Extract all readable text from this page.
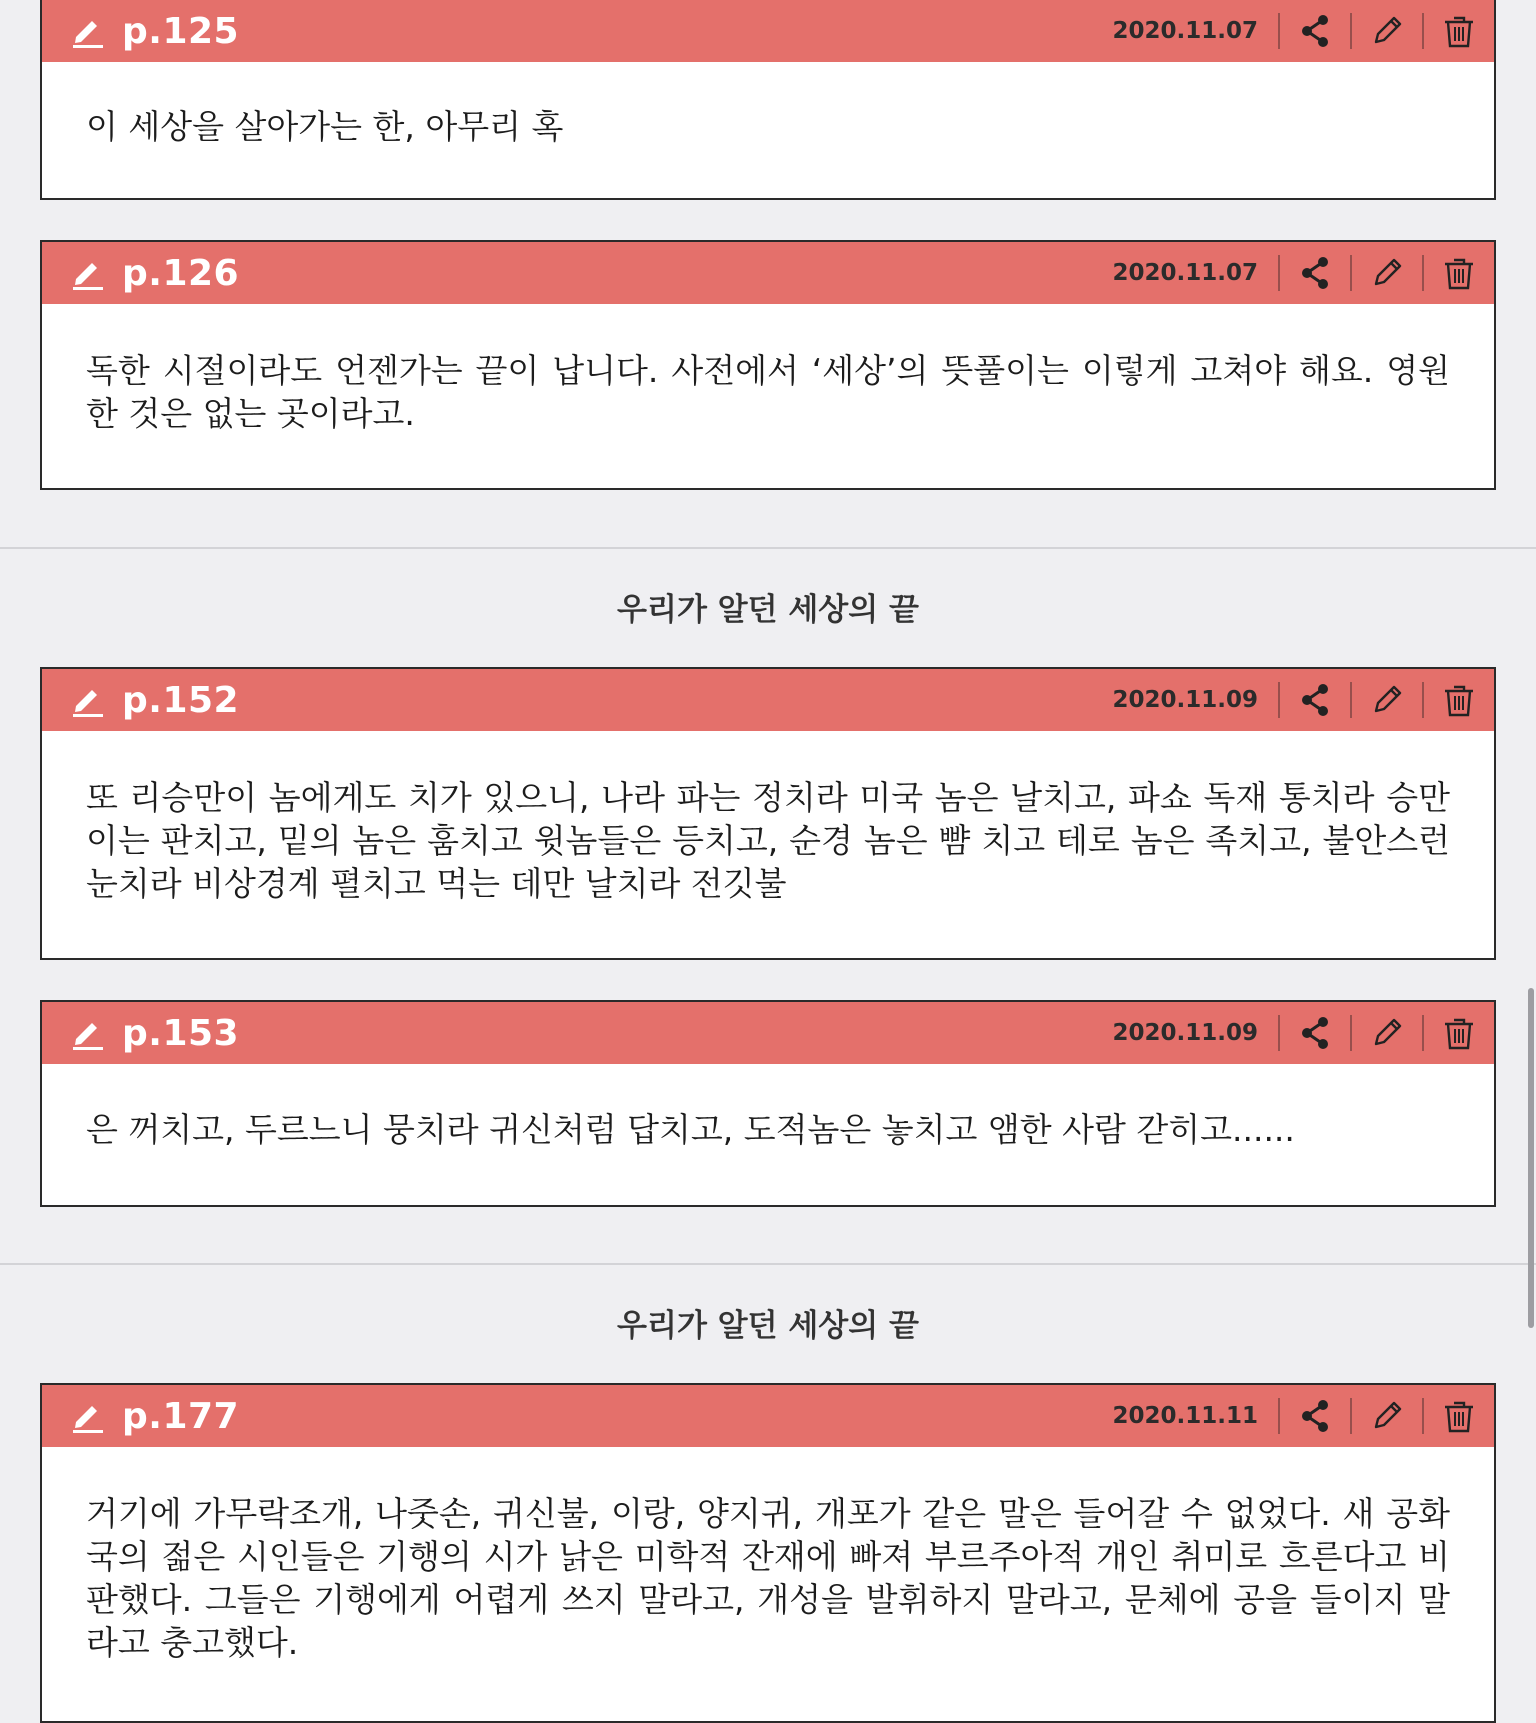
p.125	2020.11.07
이 세상을 살아가는 한, 아무리 혹
p.126	2020.11.07
독한 시절이라도 언젠가는 끝이 납니다. 사전에서 ‘세상’의 뜻풀이는 이렇게 고쳐야 해요. 영원한 것은 없는 곳이라고.
우리가 알던 세상의 끝
p.152	2020.11.09
또 리승만이 놈에게도 치가 있으니, 나라 파는 정치라 미국 놈은 날치고, 파쇼 독재 통치라 승만이는 판치고, 밑의 놈은 훔치고 윗놈들은 등치고, 순경 놈은 뺨 치고 테로 놈은 족치고, 불안스런 눈치라 비상경계 펼치고 먹는 데만 날치라 전깃불
p.153	2020.11.09
은 꺼치고, 두르느니 뭉치라 귀신처럼 답치고, 도적놈은 놓치고 앰한 사람 갇히고......
우리가 알던 세상의 끝
p.177	2020.11.11
거기에 가무락조개, 나줏손, 귀신불, 이랑, 양지귀, 개포가 같은 말은 들어갈 수 없었다. 새 공화국의 젊은 시인들은 기행의 시가 낡은 미학적 잔재에 빠져 부르주아적 개인 취미로 흐른다고 비판했다. 그들은 기행에게 어렵게 쓰지 말라고, 개성을 발휘하지 말라고, 문체에 공을 들이지 말라고 충고했다.
